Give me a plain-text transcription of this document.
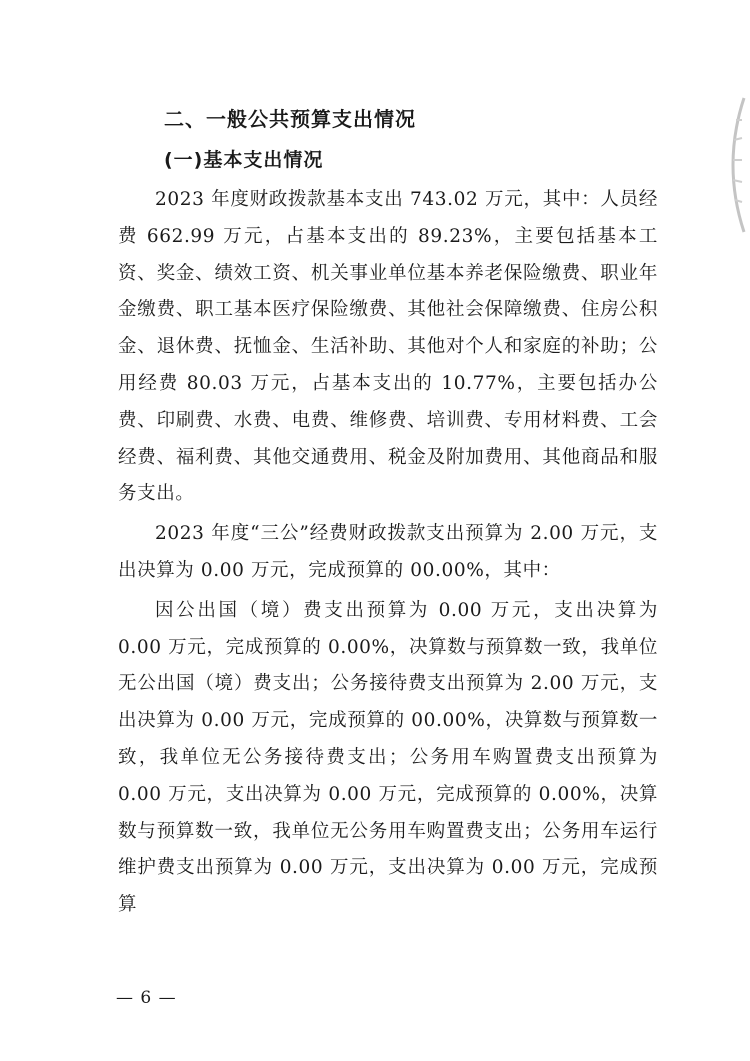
二、一般公共预算支出情况
(一)基本支出情况

2023 年度财政拨款基本支出 743.02 万元，其中：人员经费 662.99 万元，占基本支出的 89.23%，主要包括基本工资、奖金、绩效工资、机关事业单位基本养老保险缴费、职业年金缴费、职工基本医疗保险缴费、其他社会保障缴费、住房公积金、退休费、抚恤金、生活补助、其他对个人和家庭的补助；公用经费 80.03 万元，占基本支出的 10.77%，主要包括办公费、印刷费、水费、电费、维修费、培训费、专用材料费、工会经费、福利费、其他交通费用、税金及附加费用、其他商品和服务支出。

2023 年度“三公”经费财政拨款支出预算为 2.00 万元，支出决算为 0.00 万元，完成预算的 00.00%，其中：

因公出国（境）费支出预算为 0.00 万元，支出决算为 0.00 万元，完成预算的 0.00%，决算数与预算数一致，我单位无公出国（境）费支出；公务接待费支出预算为 2.00 万元，支出决算为 0.00 万元，完成预算的 00.00%，决算数与预算数一致，我单位无公务接待费支出；公务用车购置费支出预算为 0.00 万元，支出决算为 0.00 万元，完成预算的 0.00%，决算数与预算数一致，我单位无公务用车购置费支出；公务用车运行维护费支出预算为 0.00 万元，支出决算为 0.00 万元，完成预算

— 6 —
